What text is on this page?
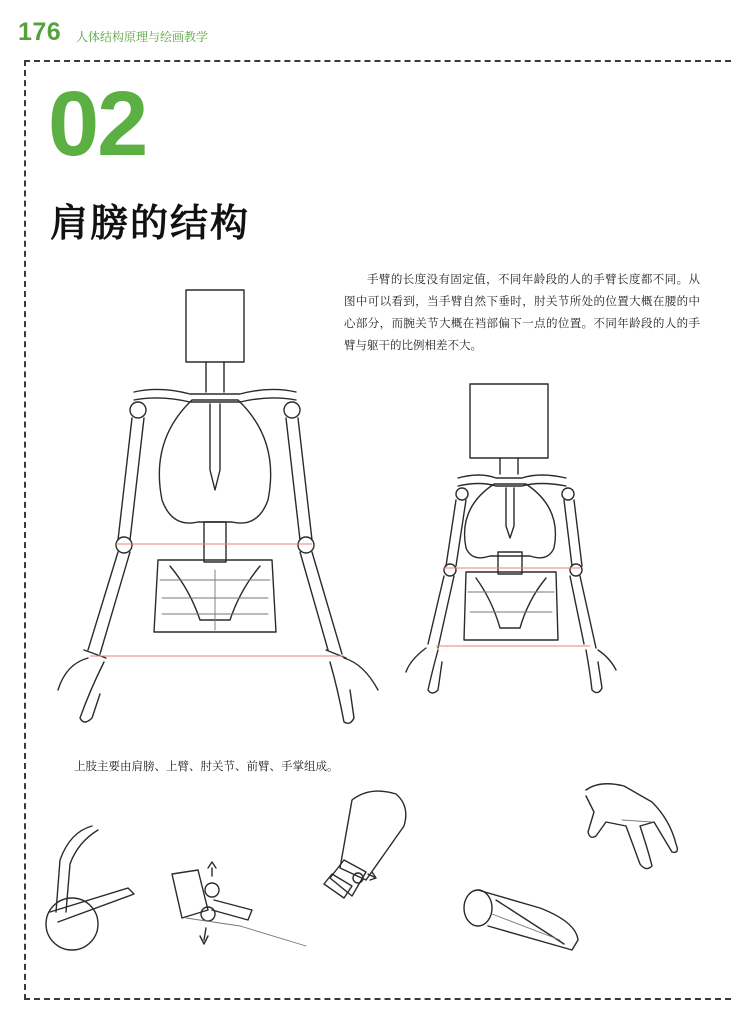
176 人体结构原理与绘画教学
02
肩膀的结构
手臂的长度没有固定值，不同年龄段的人的手臂长度都不同。从图中可以看到，当手臂自然下垂时，肘关节所处的位置大概在腰的中心部分，而腕关节大概在裆部偏下一点的位置。不同年龄段的人的手臂与躯干的比例相差不大。
上肢主要由肩膀、上臂、肘关节、前臂、手掌组成。
